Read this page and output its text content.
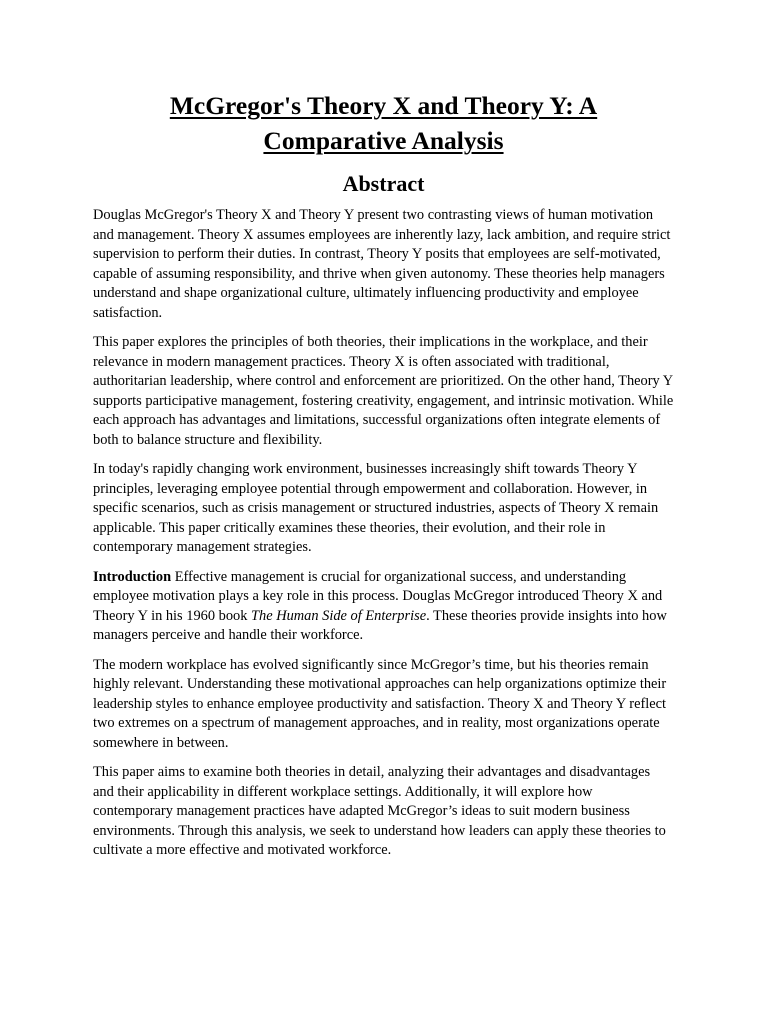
McGregor's Theory X and Theory Y: A Comparative Analysis
Abstract

Douglas McGregor's Theory X and Theory Y present two contrasting views of human motivation and management. Theory X assumes employees are inherently lazy, lack ambition, and require strict supervision to perform their duties. In contrast, Theory Y posits that employees are self-motivated, capable of assuming responsibility, and thrive when given autonomy. These theories help managers understand and shape organizational culture, ultimately influencing productivity and employee satisfaction.

This paper explores the principles of both theories, their implications in the workplace, and their relevance in modern management practices. Theory X is often associated with traditional, authoritarian leadership, where control and enforcement are prioritized. On the other hand, Theory Y supports participative management, fostering creativity, engagement, and intrinsic motivation. While each approach has advantages and limitations, successful organizations often integrate elements of both to balance structure and flexibility.

In today's rapidly changing work environment, businesses increasingly shift towards Theory Y principles, leveraging employee potential through empowerment and collaboration. However, in specific scenarios, such as crisis management or structured industries, aspects of Theory X remain applicable. This paper critically examines these theories, their evolution, and their role in contemporary management strategies.

Introduction Effective management is crucial for organizational success, and understanding employee motivation plays a key role in this process. Douglas McGregor introduced Theory X and Theory Y in his 1960 book The Human Side of Enterprise. These theories provide insights into how managers perceive and handle their workforce.

The modern workplace has evolved significantly since McGregor’s time, but his theories remain highly relevant. Understanding these motivational approaches can help organizations optimize their leadership styles to enhance employee productivity and satisfaction. Theory X and Theory Y reflect two extremes on a spectrum of management approaches, and in reality, most organizations operate somewhere in between.

This paper aims to examine both theories in detail, analyzing their advantages and disadvantages and their applicability in different workplace settings. Additionally, it will explore how contemporary management practices have adapted McGregor’s ideas to suit modern business environments. Through this analysis, we seek to understand how leaders can apply these theories to cultivate a more effective and motivated workforce.
